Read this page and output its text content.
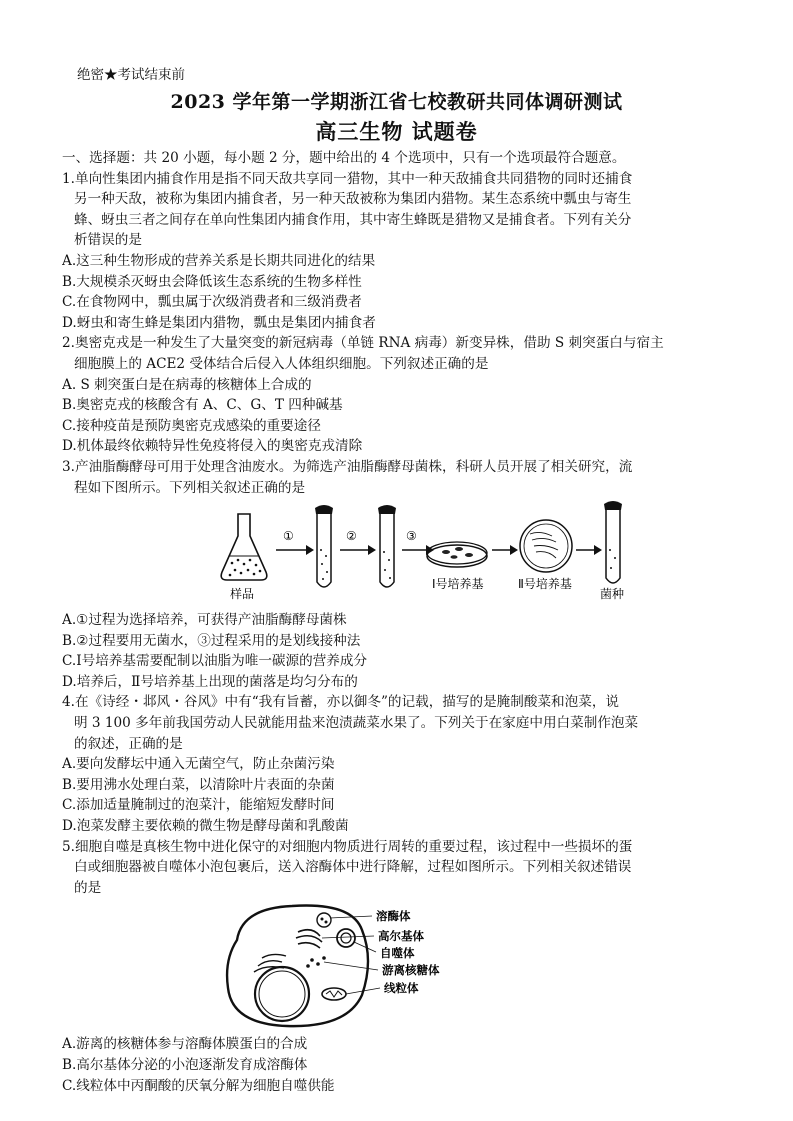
绝密★考试结束前
2023 学年第一学期浙江省七校教研共同体调研测试
高三生物 试题卷
一、选择题：共 20 小题，每小题 2 分，题中给出的 4 个选项中，只有一个选项最符合题意。
1.单向性集团内捕食作用是指不同天敌共享同一猎物，其中一种天敌捕食共同猎物的同时还捕食
另一种天敌，被称为集团内捕食者，另一种天敌被称为集团内猎物。某生态系统中瓢虫与寄生
蜂、蚜虫三者之间存在单向性集团内捕食作用，其中寄生蜂既是猎物又是捕食者。下列有关分
析错误的是
A.这三种生物形成的营养关系是长期共同进化的结果
B.大规模杀灭蚜虫会降低该生态系统的生物多样性
C.在食物网中，瓢虫属于次级消费者和三级消费者
D.蚜虫和寄生蜂是集团内猎物，瓢虫是集团内捕食者
2.奥密克戎是一种发生了大量突变的新冠病毒（单链 RNA 病毒）新变异株，借助 S 刺突蛋白与宿主
细胞膜上的 ACE2 受体结合后侵入人体组织细胞。下列叙述正确的是
A. S 刺突蛋白是在病毒的核糖体上合成的
B.奥密克戎的核酸含有 A、C、G、T 四种碱基
C.接种疫苗是预防奥密克戎感染的重要途径
D.机体最终依赖特异性免疫将侵入的奥密克戎清除
3.产油脂酶酵母可用于处理含油废水。为筛选产油脂酶酵母菌株，科研人员开展了相关研究，流
程如下图所示。下列相关叙述正确的是
样品
①	②	③
Ⅰ号培养基	Ⅱ号培养基
菌种
A.①过程为选择培养，可获得产油脂酶酵母菌株
B.②过程要用无菌水，③过程采用的是划线接种法
C.Ⅰ号培养基需要配制以油脂为唯一碳源的营养成分
D.培养后，Ⅱ号培养基上出现的菌落是均匀分布的
4.在《诗经・邶风・谷风》中有“我有旨蓄，亦以御冬”的记载，描写的是腌制酸菜和泡菜，说
明 3 100 多年前我国劳动人民就能用盐来泡渍蔬菜水果了。下列关于在家庭中用白菜制作泡菜
的叙述，正确的是
A.要向发酵坛中通入无菌空气，防止杂菌污染
B.要用沸水处理白菜，以清除叶片表面的杂菌
C.添加适量腌制过的泡菜汁，能缩短发酵时间
D.泡菜发酵主要依赖的微生物是酵母菌和乳酸菌
5.细胞自噬是真核生物中进化保守的对细胞内物质进行周转的重要过程，该过程中一些损坏的蛋
白或细胞器被自噬体小泡包裹后，送入溶酶体中进行降解，过程如图所示。下列相关叙述错误
的是
溶酶体
高尔基体
自噬体
游离核糖体
线粒体
A.游离的核糖体参与溶酶体膜蛋白的合成
B.高尔基体分泌的小泡逐渐发育成溶酶体
C.线粒体中丙酮酸的厌氧分解为细胞自噬供能
